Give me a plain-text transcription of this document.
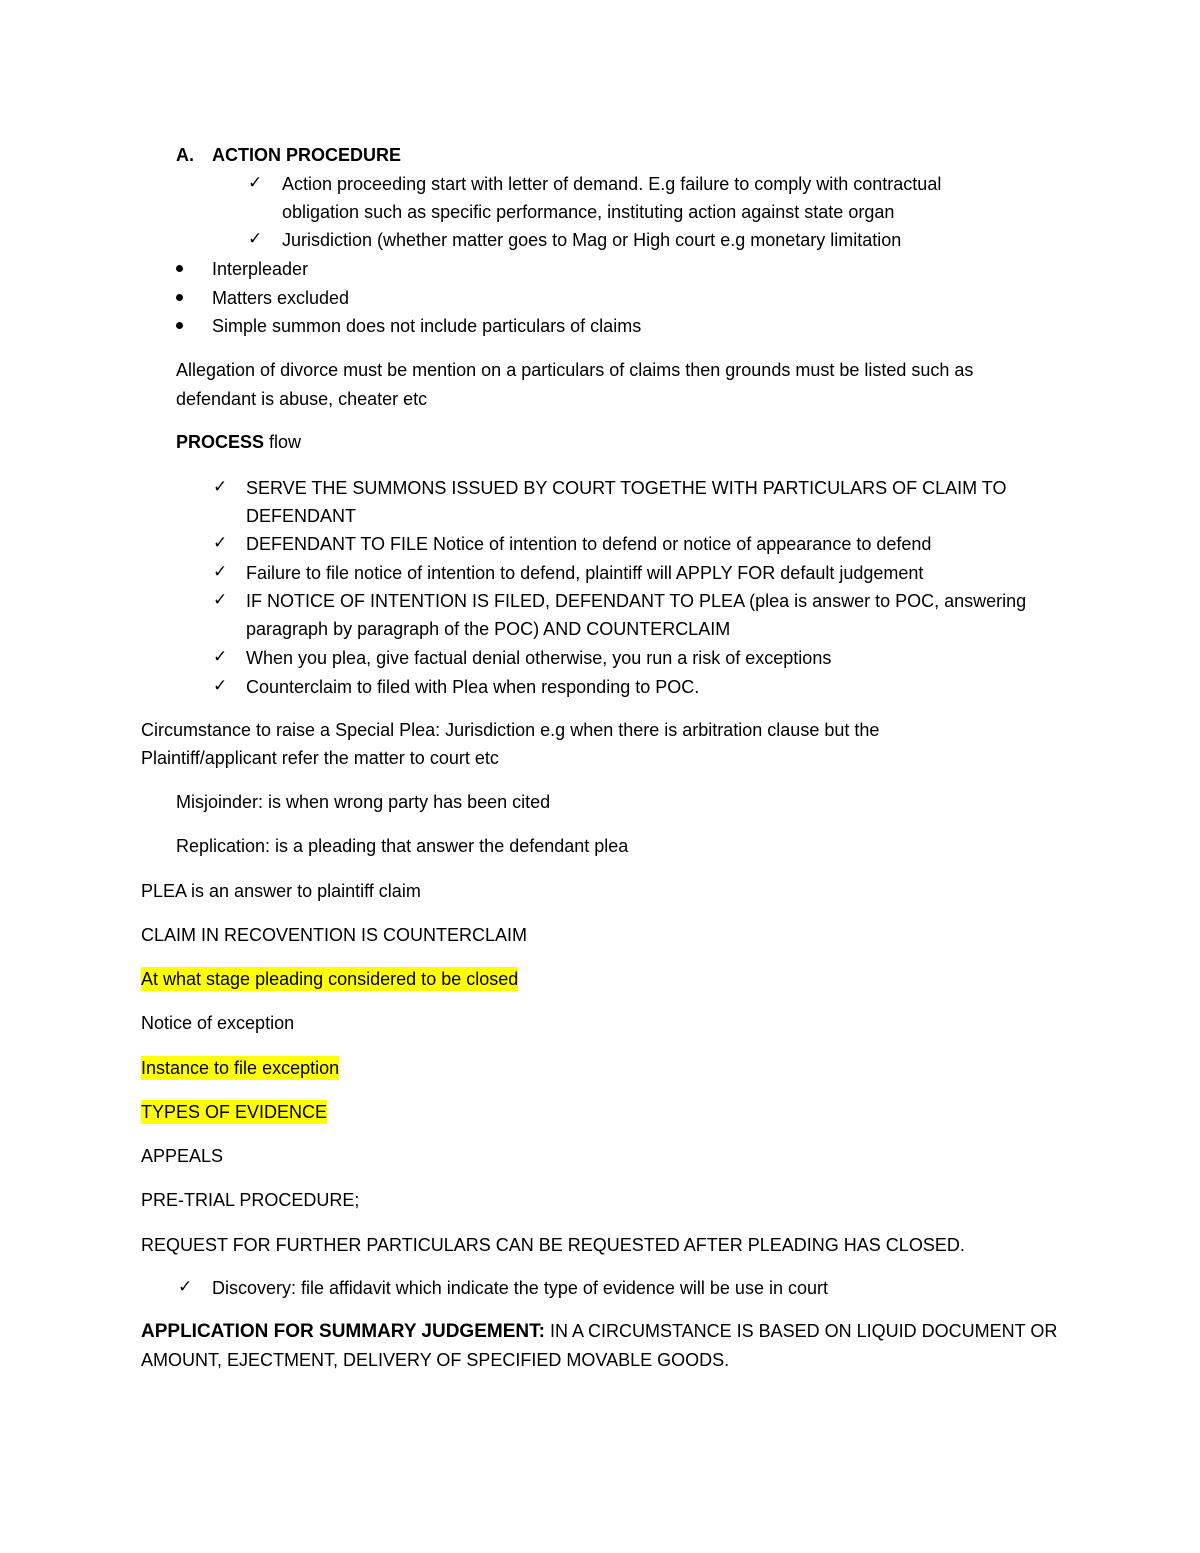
A. ACTION PROCEDURE
✓ Action proceeding start with letter of demand. E.g failure to comply with contractual
obligation such as specific performance, instituting action against state organ
✓ Jurisdiction (whether matter goes to Mag or High court e.g monetary limitation
Interpleader
Matters excluded
Simple summon does not include particulars of claims
Allegation of divorce must be mention on a particulars of claims then grounds must be listed such as
defendant is abuse, cheater etc
PROCESS flow
✓ SERVE THE SUMMONS ISSUED BY COURT TOGETHE WITH PARTICULARS OF CLAIM TO
DEFENDANT
✓ DEFENDANT TO FILE Notice of intention to defend or notice of appearance to defend
✓ Failure to file notice of intention to defend, plaintiff will APPLY FOR default judgement
✓ IF NOTICE OF INTENTION IS FILED, DEFENDANT TO PLEA (plea is answer to POC, answering
paragraph by paragraph of the POC) AND COUNTERCLAIM
✓ When you plea, give factual denial otherwise, you run a risk of exceptions
✓ Counterclaim to filed with Plea when responding to POC.
Circumstance to raise a Special Plea: Jurisdiction e.g when there is arbitration clause but the
Plaintiff/applicant refer the matter to court etc
Misjoinder: is when wrong party has been cited
Replication: is a pleading that answer the defendant plea
PLEA is an answer to plaintiff claim
CLAIM IN RECOVENTION IS COUNTERCLAIM
At what stage pleading considered to be closed
Notice of exception
Instance to file exception
TYPES OF EVIDENCE
APPEALS
PRE-TRIAL PROCEDURE;
REQUEST FOR FURTHER PARTICULARS CAN BE REQUESTED AFTER PLEADING HAS CLOSED.
✓ Discovery: file affidavit which indicate the type of evidence will be use in court
APPLICATION FOR SUMMARY JUDGEMENT: IN A CIRCUMSTANCE IS BASED ON LIQUID DOCUMENT OR
AMOUNT, EJECTMENT, DELIVERY OF SPECIFIED MOVABLE GOODS.
